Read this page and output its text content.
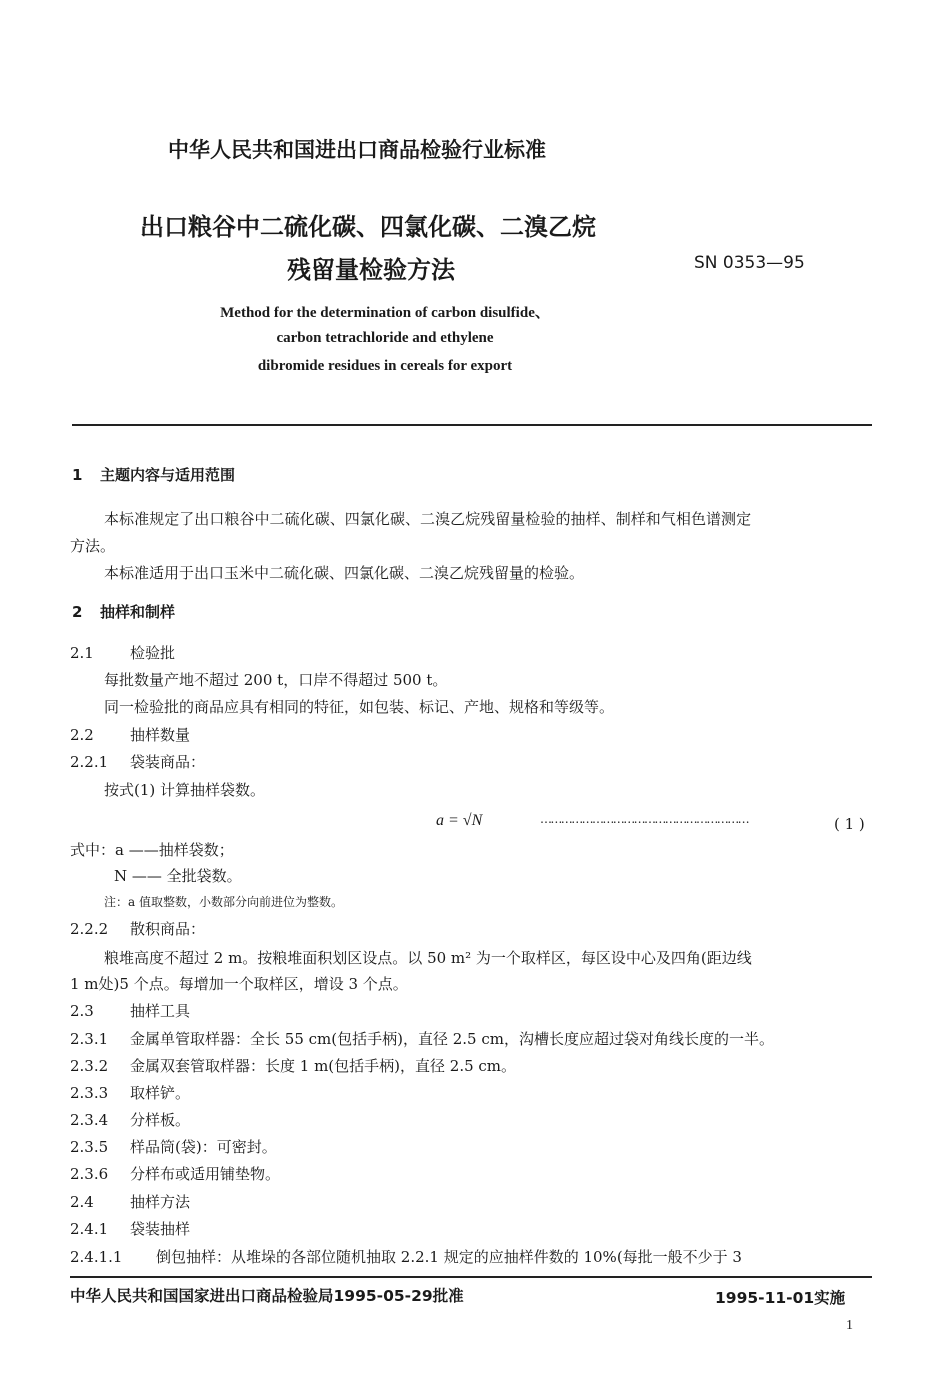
中华人民共和国进出口商品检验行业标准
出口粮谷中二硫化碳、四氯化碳、二溴乙烷
残留量检验方法	SN 0353—95
Method for the determination of carbon disulfide、
carbon tetrachloride and ethylene
dibromide residues in cereals for export
1 主题内容与适用范围
本标准规定了出口粮谷中二硫化碳、四氯化碳、二溴乙烷残留量检验的抽样、制样和气相色谱测定
方法。
本标准适用于出口玉米中二硫化碳、四氯化碳、二溴乙烷残留量的检验。
2 抽样和制样
2.1 检验批
每批数量产地不超过 200 t，口岸不得超过 500 t。
同一检验批的商品应具有相同的特征，如包装、标记、产地、规格和等级等。
2.2 抽样数量
2.2.1 袋装商品：
按式(1) 计算抽样袋数。
a = √N	……………………………………………………	( 1 )
式中：a ——抽样袋数；
N —— 全批袋数。
注：a 值取整数，小数部分向前进位为整数。
2.2.2 散积商品：
粮堆高度不超过 2 m。按粮堆面积划区设点。以 50 m² 为一个取样区，每区设中心及四角(距边线
1 m处)5 个点。每增加一个取样区，增设 3 个点。
2.3 抽样工具
2.3.1 金属单管取样器：全长 55 cm(包括手柄)，直径 2.5 cm，沟槽长度应超过袋对角线长度的一半。
2.3.2 金属双套管取样器：长度 1 m(包括手柄)，直径 2.5 cm。
2.3.3 取样铲。
2.3.4 分样板。
2.3.5 样品筒(袋)：可密封。
2.3.6 分样布或适用铺垫物。
2.4 抽样方法
2.4.1 袋装抽样
2.4.1.1 倒包抽样：从堆垛的各部位随机抽取 2.2.1 规定的应抽样件数的 10%(每批一般不少于 3
中华人民共和国国家进出口商品检验局1995-05-29批准	1995-11-01实施
1
